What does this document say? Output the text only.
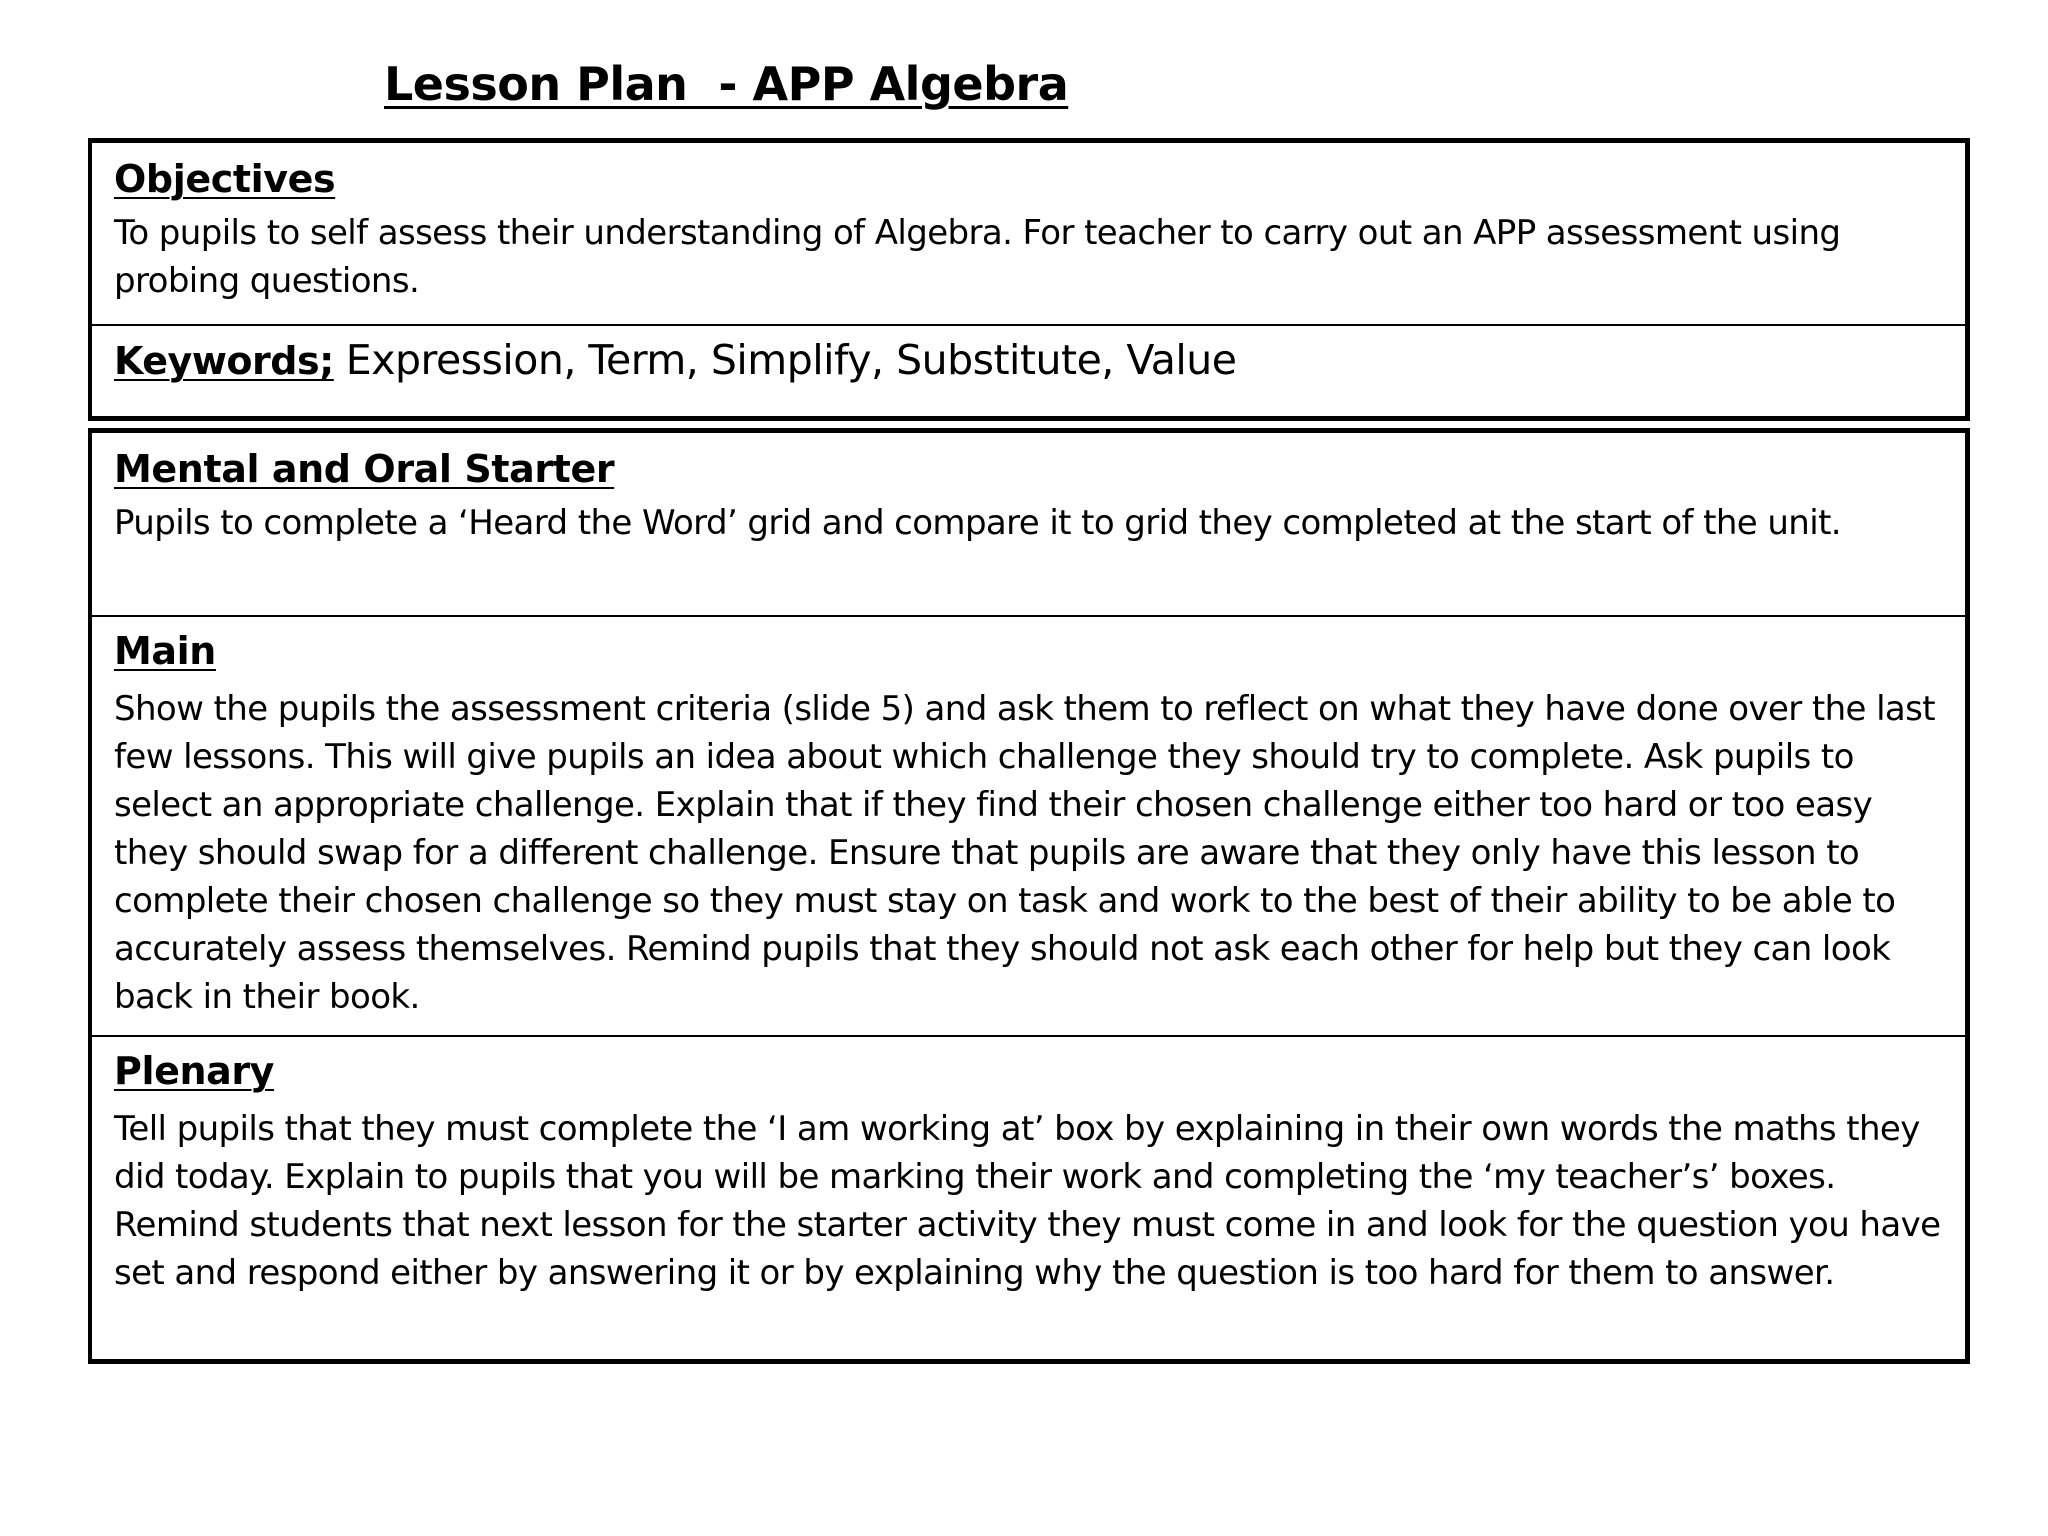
Lesson Plan  - APP Algebra
Objectives

To pupils to self assess their understanding of Algebra. For teacher to carry out an APP assessment using probing questions.

Keywords; Expression, Term, Simplify, Substitute, Value

Mental and Oral Starter

Pupils to complete a ‘Heard the Word’ grid and compare it to grid they completed at the start of the unit.

Main

Show the pupils the assessment criteria (slide 5) and ask them to reflect on what they have done over the last few lessons. This will give pupils an idea about which challenge they should try to complete. Ask pupils to select an appropriate challenge. Explain that if they find their chosen challenge either too hard or too easy they should swap for a different challenge. Ensure that pupils are aware that they only have this lesson to complete their chosen challenge so they must stay on task and work to the best of their ability to be able to accurately assess themselves. Remind pupils that they should not ask each other for help but they can look back in their book.

Plenary

Tell pupils that they must complete the ‘I am working at’ box by explaining in their own words the maths they did today. Explain to pupils that you will be marking their work and completing the ‘my teacher’s’ boxes. Remind students that next lesson for the starter activity they must come in and look for the question you have set and respond either by answering it or by explaining why the question is too hard for them to answer.
